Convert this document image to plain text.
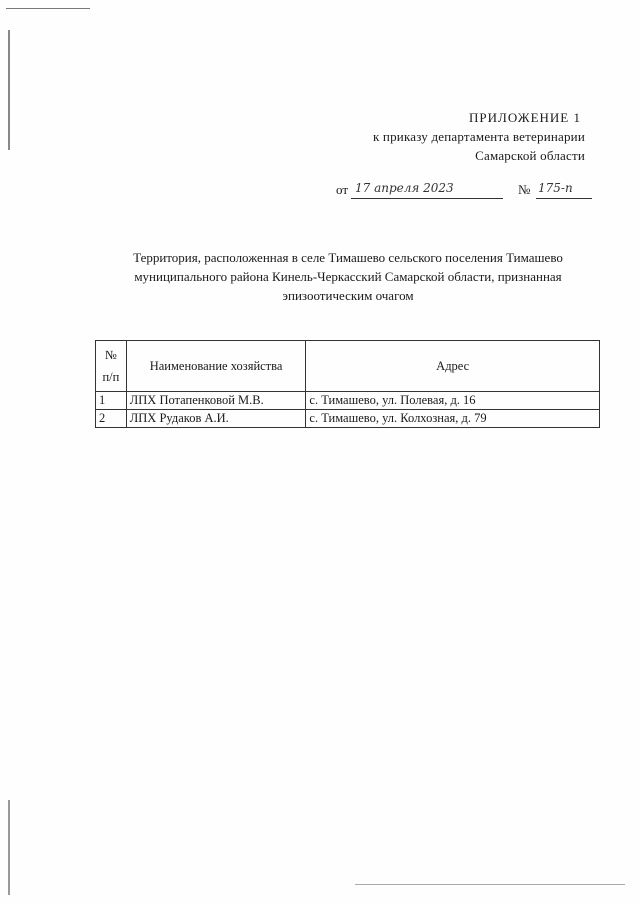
ПРИЛОЖЕНИЕ 1
к приказу департамента ветеринарии
Самарской области
от 17 апреля 2023	№ 175-п
Территория, расположенная в селе Тимашево сельского поселения Тимашево муниципального района Кинель-Черкасский Самарской области, признанная эпизоотическим очагом
№
п/п	Наименование хозяйства	Адрес
1	ЛПХ Потапенковой М.В.	с. Тимашево, ул. Полевая, д. 16
2	ЛПХ Рудаков А.И.	с. Тимашево, ул. Колхозная, д. 79
